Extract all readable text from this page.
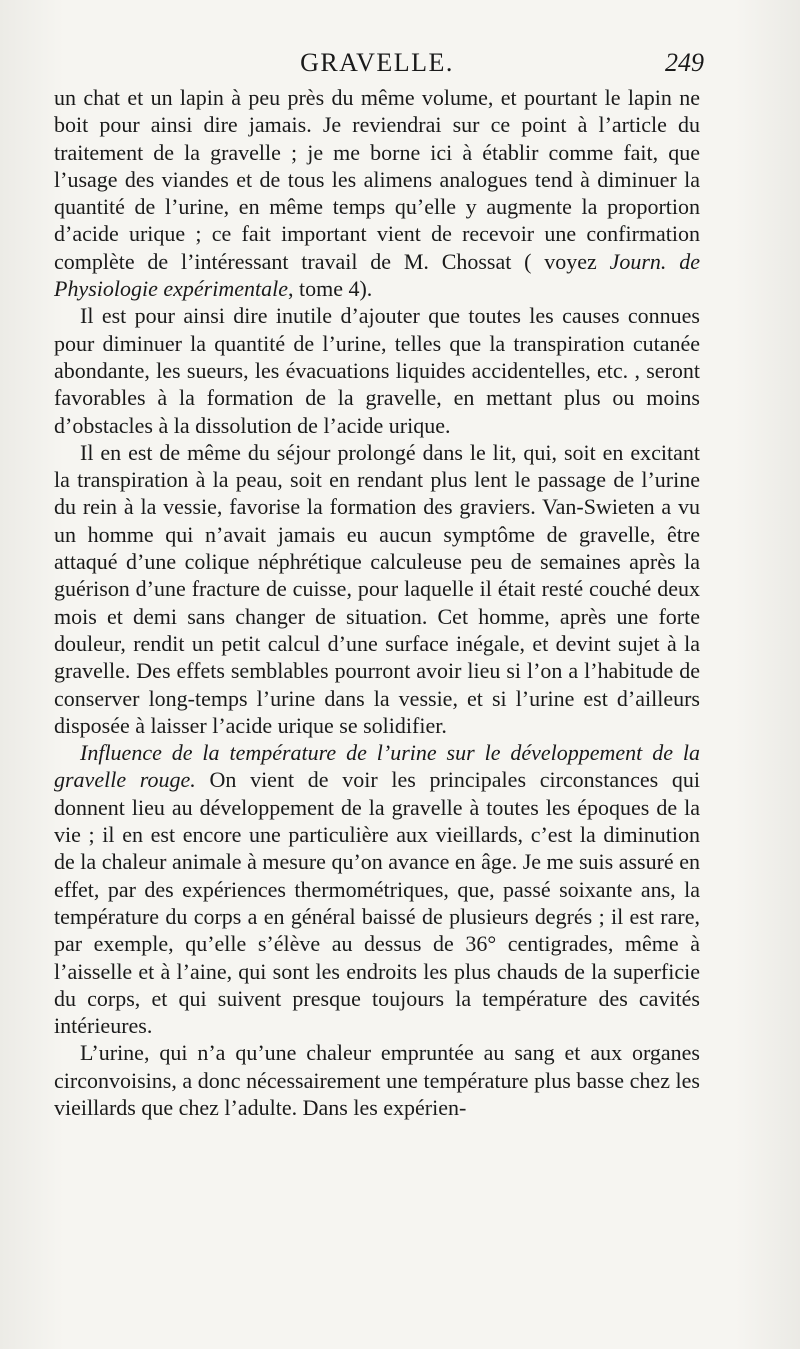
GRAVELLE.	249

un chat et un lapin à peu près du même volume, et pourtant le lapin ne boit pour ainsi dire jamais. Je reviendrai sur ce point à l’article du traitement de la gravelle ; je me borne ici à établir comme fait, que l’usage des viandes et de tous les alimens analogues tend à diminuer la quantité de l’urine, en même temps qu’elle y augmente la proportion d’acide urique ; ce fait important vient de recevoir une confirmation complète de l’intéressant travail de M. Chossat ( voyez Journ. de Physiologie expérimentale, tome 4).

Il est pour ainsi dire inutile d’ajouter que toutes les causes connues pour diminuer la quantité de l’urine, telles que la transpiration cutanée abondante, les sueurs, les évacuations liquides accidentelles, etc. , seront favorables à la formation de la gravelle, en mettant plus ou moins d’obstacles à la dissolution de l’acide urique.

Il en est de même du séjour prolongé dans le lit, qui, soit en excitant la transpiration à la peau, soit en rendant plus lent le passage de l’urine du rein à la vessie, favorise la formation des graviers. Van-Swieten a vu un homme qui n’avait jamais eu aucun symptôme de gravelle, être attaqué d’une colique néphrétique calculeuse peu de semaines après la guérison d’une fracture de cuisse, pour laquelle il était resté couché deux mois et demi sans changer de situation. Cet homme, après une forte douleur, rendit un petit calcul d’une surface inégale, et devint sujet à la gravelle. Des effets semblables pourront avoir lieu si l’on a l’habitude de conserver long-temps l’urine dans la vessie, et si l’urine est d’ailleurs disposée à laisser l’acide urique se solidifier.

Influence de la température de l’urine sur le développement de la gravelle rouge. On vient de voir les principales circonstances qui donnent lieu au développement de la gravelle à toutes les époques de la vie ; il en est encore une particulière aux vieillards, c’est la diminution de la chaleur animale à mesure qu’on avance en âge. Je me suis assuré en effet, par des expériences thermométriques, que, passé soixante ans, la température du corps a en général baissé de plusieurs degrés ; il est rare, par exemple, qu’elle s’élève au dessus de 36° centigrades, même à l’aisselle et à l’aine, qui sont les endroits les plus chauds de la superficie du corps, et qui suivent presque toujours la température des cavités intérieures.

L’urine, qui n’a qu’une chaleur empruntée au sang et aux organes circonvoisins, a donc nécessairement une température plus basse chez les vieillards que chez l’adulte. Dans les expérien-
